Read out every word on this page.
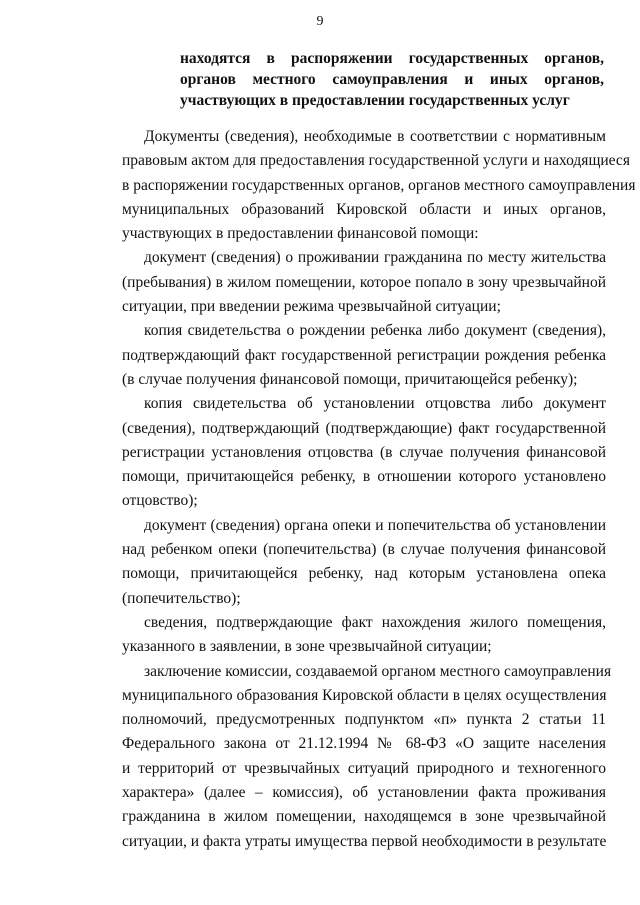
9
находятся в распоряжении государственных органов,
органов местного самоуправления и иных органов,
участвующих в предоставлении государственных услуг

Документы (сведения), необходимые в соответствии с нормативным
правовым актом для предоставления государственной услуги и находящиеся
в распоряжении государственных органов, органов местного самоуправления
муниципальных образований Кировской области и иных органов,
участвующих в предоставлении финансовой помощи:

документ (сведения) о проживании гражданина по месту жительства
(пребывания) в жилом помещении, которое попало в зону чрезвычайной
ситуации, при введении режима чрезвычайной ситуации;

копия свидетельства о рождении ребенка либо документ (сведения),
подтверждающий факт государственной регистрации рождения ребенка
(в случае получения финансовой помощи, причитающейся ребенку);

копия свидетельства об установлении отцовства либо документ
(сведения), подтверждающий (подтверждающие) факт государственной
регистрации установления отцовства (в случае получения финансовой
помощи, причитающейся ребенку, в отношении которого установлено
отцовство);

документ (сведения) органа опеки и попечительства об установлении
над ребенком опеки (попечительства) (в случае получения финансовой
помощи, причитающейся ребенку, над которым установлена опека
(попечительство);

сведения, подтверждающие факт нахождения жилого помещения,
указанного в заявлении, в зоне чрезвычайной ситуации;

заключение комиссии, создаваемой органом местного самоуправления
муниципального образования Кировской области в целях осуществления
полномочий, предусмотренных подпунктом «п» пункта 2 статьи 11
Федерального закона от 21.12.1994 № 68-ФЗ «О защите населения
и территорий от чрезвычайных ситуаций природного и техногенного
характера» (далее – комиссия), об установлении факта проживания
гражданина в жилом помещении, находящемся в зоне чрезвычайной
ситуации, и факта утраты имущества первой необходимости в результате
